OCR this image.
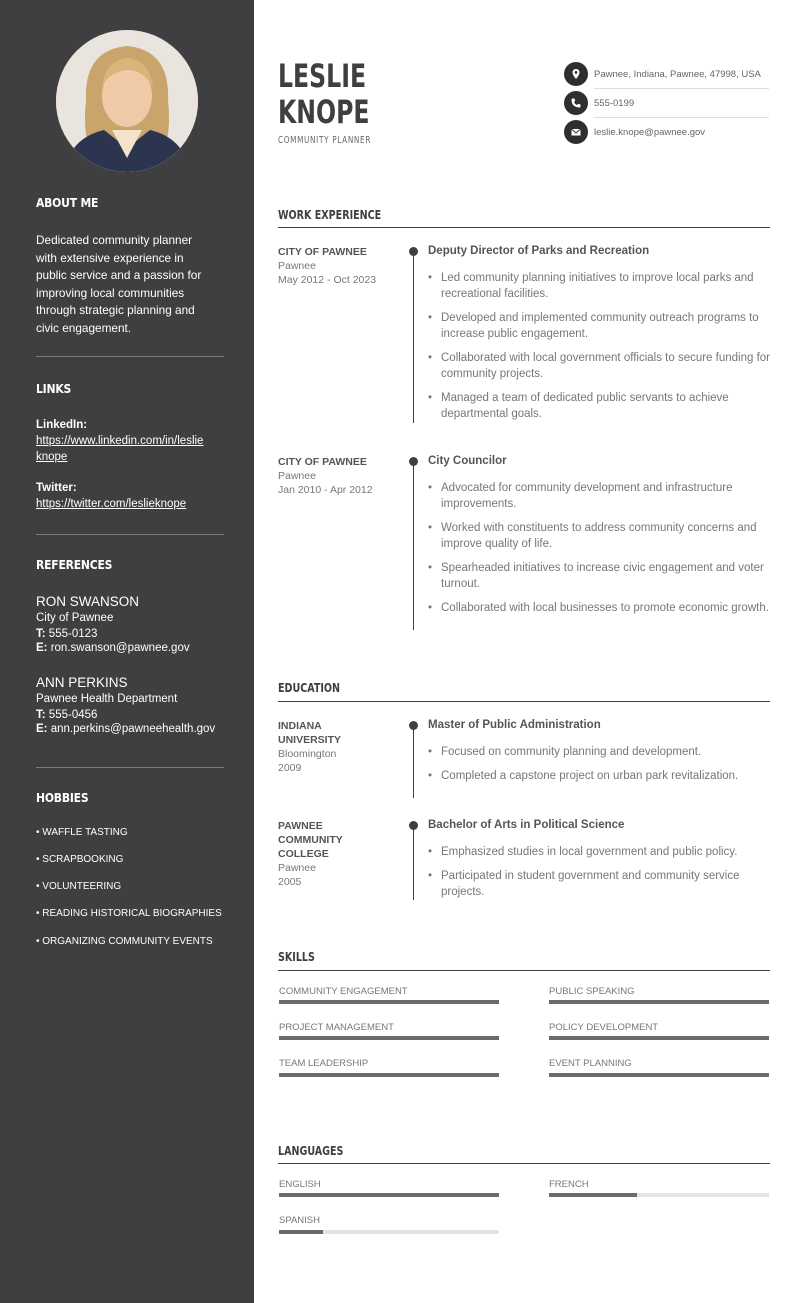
ABOUT ME
Dedicated community planner with extensive experience in public service and a passion for improving local communities through strategic planning and civic engagement.
LINKS
LinkedIn:
https://www.linkedin.com/in/leslie
knope
Twitter:
https://twitter.com/leslieknope
REFERENCES
RON SWANSON
City of Pawnee
T: 555-0123
E: ron.swanson@pawnee.gov
ANN PERKINS
Pawnee Health Department
T: 555-0456
E: ann.perkins@pawneehealth.gov
HOBBIES
• WAFFLE TASTING
• SCRAPBOOKING
• VOLUNTEERING
• READING HISTORICAL BIOGRAPHIES
• ORGANIZING COMMUNITY EVENTS
LESLIE
KNOPE
COMMUNITY PLANNER
Pawnee, Indiana, Pawnee, 47998, USA
555-0199
leslie.knope@pawnee.gov
WORK EXPERIENCE
CITY OF PAWNEE
Pawnee
May 2012 - Oct 2023
Deputy Director of Parks and Recreation
• Led community planning initiatives to improve local parks and recreational facilities.
• Developed and implemented community outreach programs to increase public engagement.
• Collaborated with local government officials to secure funding for community projects.
• Managed a team of dedicated public servants to achieve departmental goals.
CITY OF PAWNEE
Pawnee
Jan 2010 - Apr 2012
City Councilor
• Advocated for community development and infrastructure improvements.
• Worked with constituents to address community concerns and improve quality of life.
• Spearheaded initiatives to increase civic engagement and voter turnout.
• Collaborated with local businesses to promote economic growth.
EDUCATION
INDIANA
UNIVERSITY
Bloomington
2009
Master of Public Administration
• Focused on community planning and development.
• Completed a capstone project on urban park revitalization.
PAWNEE
COMMUNITY
COLLEGE
Pawnee
2005
Bachelor of Arts in Political Science
• Emphasized studies in local government and public policy.
• Participated in student government and community service projects.
SKILLS
COMMUNITY ENGAGEMENT	PUBLIC SPEAKING
PROJECT MANAGEMENT	POLICY DEVELOPMENT
TEAM LEADERSHIP	EVENT PLANNING
LANGUAGES
ENGLISH	FRENCH
SPANISH
